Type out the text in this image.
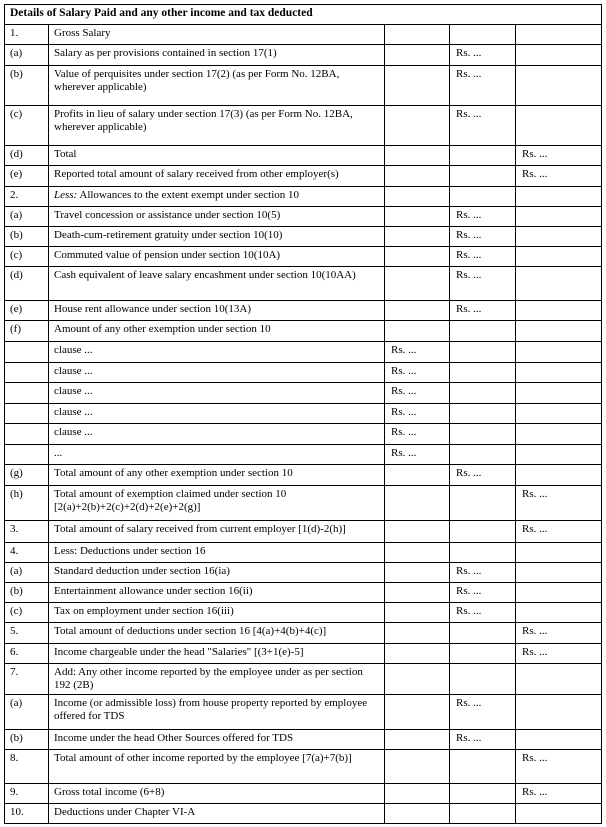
Details of Salary Paid and any other income and tax deducted				
1.	Gross Salary			
(a)	Salary as per provisions contained in section 17(1)		Rs. ...	
(b)	Value of perquisites under section 17(2) (as per Form No. 12BA, wherever applicable)		Rs. ...	
(c)	Profits in lieu of salary under section 17(3) (as per Form No. 12BA, wherever applicable)		Rs. ...	
(d)	Total			Rs. ...
(e)	Reported total amount of salary received from other employer(s)			Rs. ...
2.	Less: Allowances to the extent exempt under section 10			
(a)	Travel concession or assistance under section 10(5)		Rs. ...	
(b)	Death-cum-retirement gratuity under section 10(10)		Rs. ...	
(c)	Commuted value of pension under section 10(10A)		Rs. ...	
(d)	Cash equivalent of leave salary encashment under section 10(10AA)		Rs. ...	
(e)	House rent allowance under section 10(13A)		Rs. ...	
(f)	Amount of any other exemption under section 10			
	clause ...	Rs. ...		
	clause ...	Rs. ...		
	clause ...	Rs. ...		
	clause ...	Rs. ...		
	clause ...	Rs. ...		
	...	Rs. ...		
(g)	Total amount of any other exemption under section 10		Rs. ...	
(h)	Total amount of exemption claimed under section 10 [2(a)+2(b)+2(c)+2(d)+2(e)+2(g)]			Rs. ...
3.	Total amount of salary received from current employer [1(d)-2(h)]			Rs. ...
4.	Less: Deductions under section 16			
(a)	Standard deduction under section 16(ia)		Rs. ...	
(b)	Entertainment allowance under section 16(ii)		Rs. ...	
(c)	Tax on employment under section 16(iii)		Rs. ...	
5.	Total amount of deductions under section 16 [4(a)+4(b)+4(c)]			Rs. ...
6.	Income chargeable under the head "Salaries" [(3+1(e)-5]			Rs. ...
7.	Add: Any other income reported by the employee under as per section 192 (2B)			
(a)	Income (or admissible loss) from house property reported by employee offered for TDS		Rs. ...	
(b)	Income under the head Other Sources offered for TDS		Rs. ...	
8.	Total amount of other income reported by the employee [7(a)+7(b)]			Rs. ...
9.	Gross total income (6+8)			Rs. ...
10.	Deductions under Chapter VI-A			
